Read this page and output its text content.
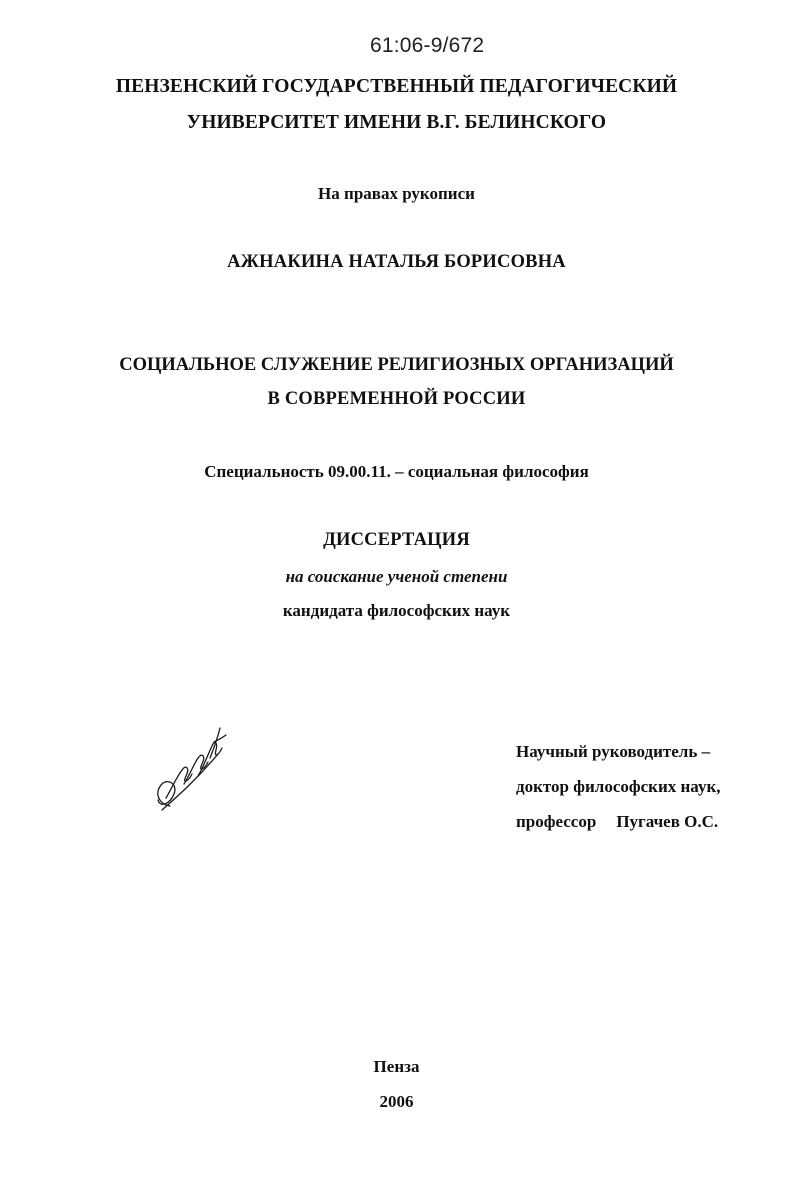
61:06-9/672
ПЕНЗЕНСКИЙ ГОСУДАРСТВЕННЫЙ ПЕДАГОГИЧЕСКИЙ
УНИВЕРСИТЕТ ИМЕНИ В.Г. БЕЛИНСКОГО
На правах рукописи
АЖНАКИНА НАТАЛЬЯ БОРИСОВНА
СОЦИАЛЬНОЕ СЛУЖЕНИЕ РЕЛИГИОЗНЫХ ОРГАНИЗАЦИЙ
В СОВРЕМЕННОЙ РОССИИ
Специальность 09.00.11. – социальная философия
ДИССЕРТАЦИЯ
на соискание ученой степени
кандидата философских наук
Научный руководитель –
доктор философских наук,
профессор Пугачев О.С.
Пенза
2006
